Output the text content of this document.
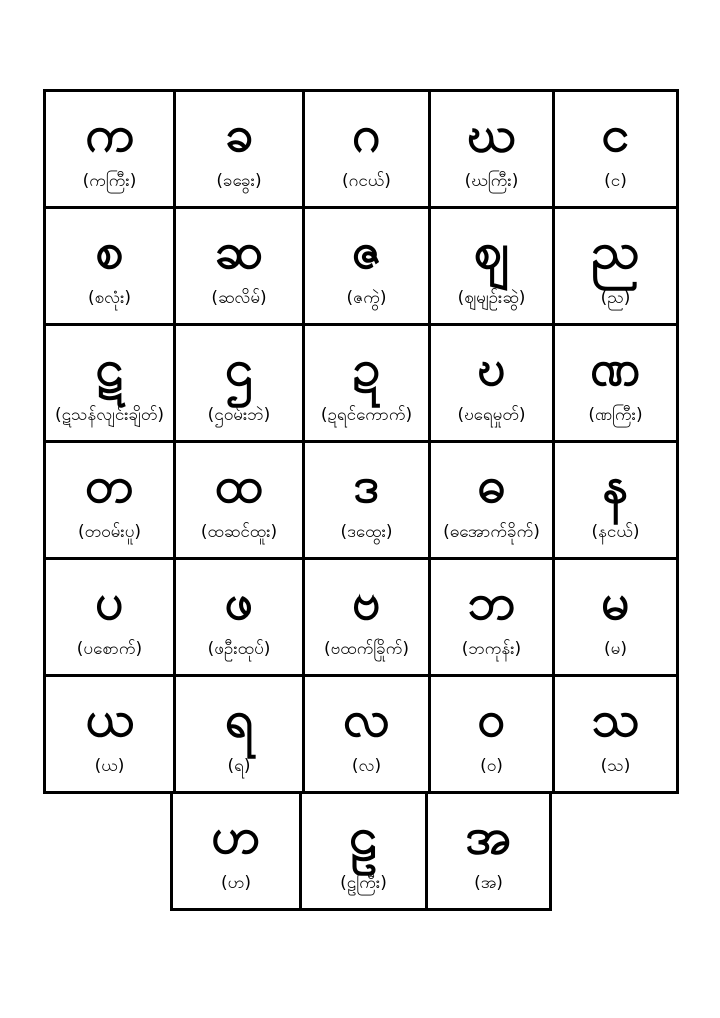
က
(ကကြီး)
ခ
(ခခွေး)
ဂ
(ဂငယ်)
ဃ
(ဃကြီး)
င
(င)
စ
(စလုံး)
ဆ
(ဆလိမ်)
ဇ
(ဇကွဲ)
ဈ
(ဈမျဉ်းဆွဲ)
ည
(ည)
ဋ
(ဋသန်လျင်းချိတ်)
ဌ
(ဌဝမ်းဘဲ)
ဍ
(ဍရင်ကောက်)
ဎ
(ဎရေမှုတ်)
ဏ
(ဏကြီး)
တ
(တဝမ်းပူ)
ထ
(ထဆင်ထူး)
ဒ
(ဒထွေး)
ဓ
(ဓအောက်ခိုက်)
န
(နငယ်)
ပ
(ပစောက်)
ဖ
(ဖဦးထုပ်)
ဗ
(ဗထက်ခြိုက်)
ဘ
(ဘကုန်း)
မ
(မ)
ယ
(ယ)
ရ
(ရ)
လ
(လ)
ဝ
(ဝ)
သ
(သ)
ဟ
(ဟ)
ဠ
(ဠကြီး)
အ
(အ)
